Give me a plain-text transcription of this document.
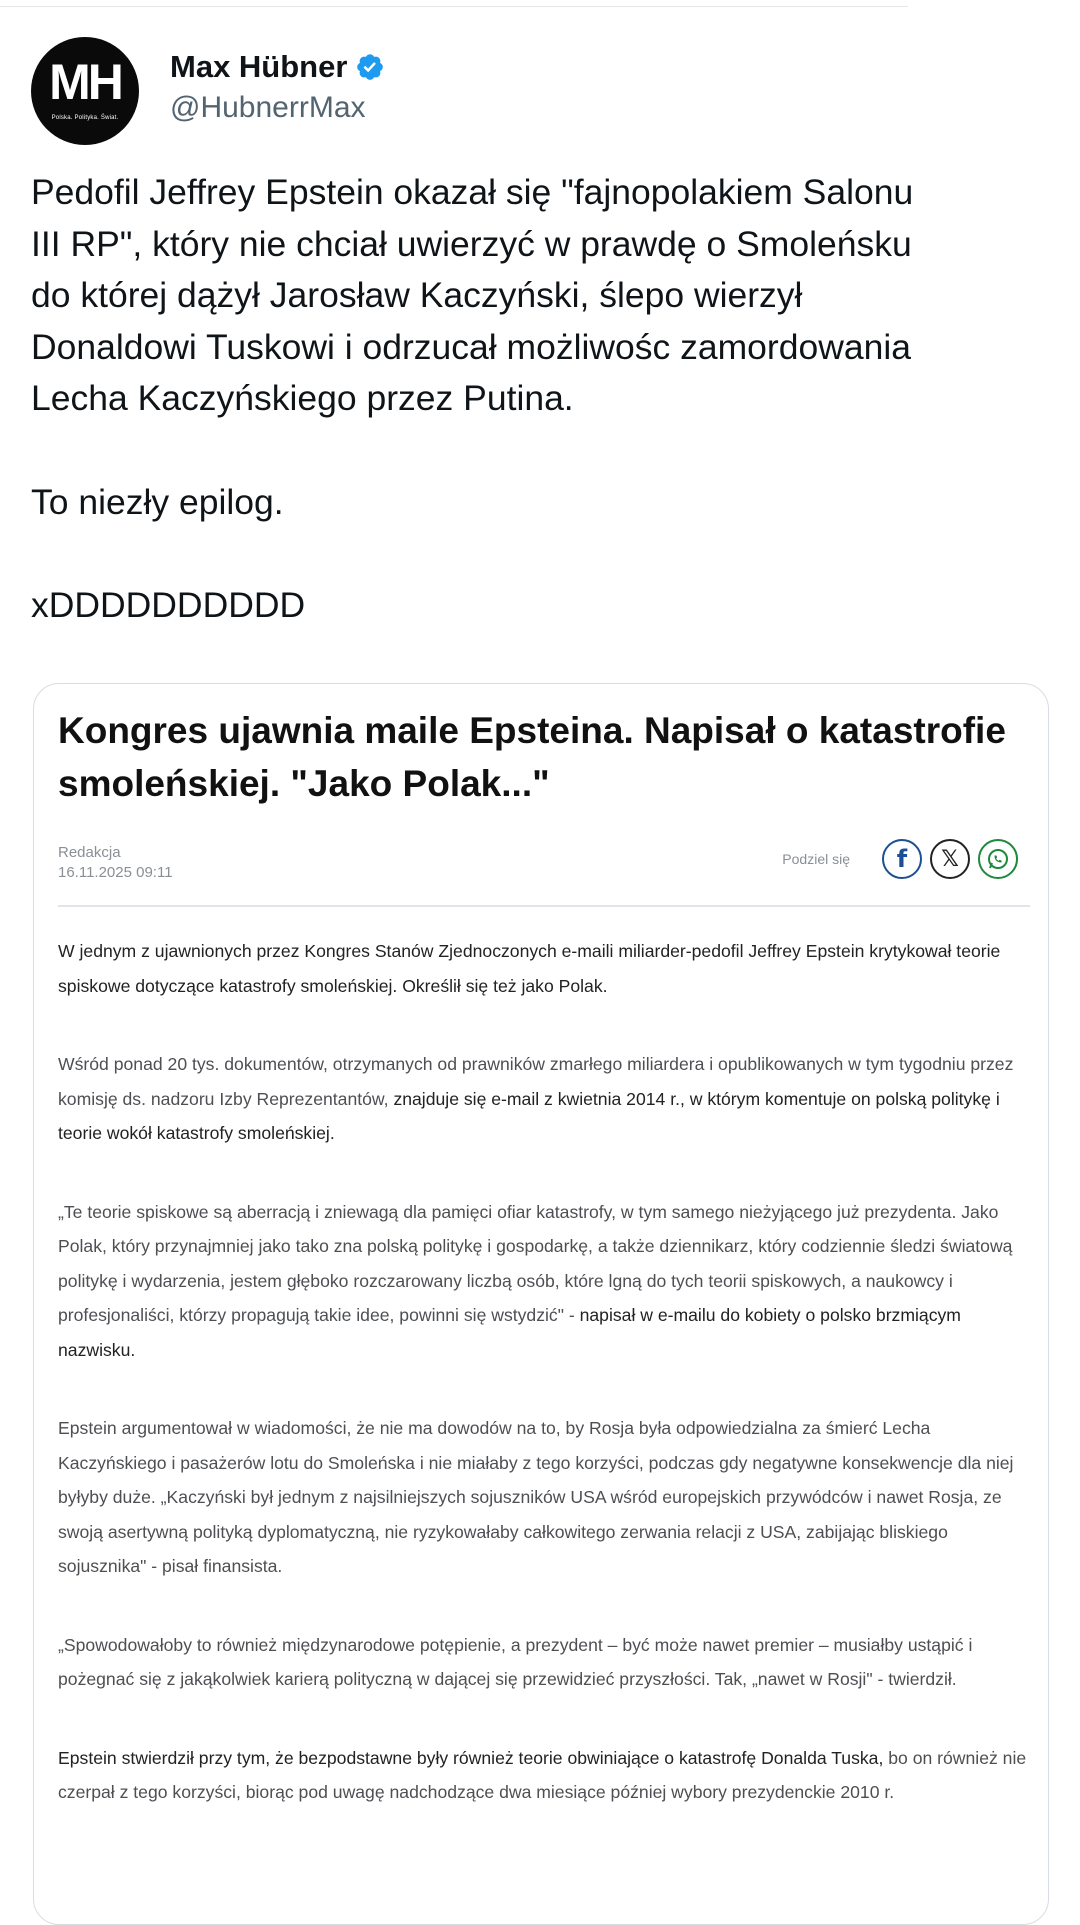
MH
Polska. Polityka. Świat.
Max Hübner
@HubnerrMax

Pedofil Jeffrey Epstein okazał się "fajnopolakiem Salonu III RP", który nie chciał uwierzyć w prawdę o Smoleńsku do której dążył Jarosław Kaczyński, ślepo wierzył Donaldowi Tuskowi i odrzucał możliwośc zamordowania Lecha Kaczyńskiego przez Putina.

To niezły epilog.

xDDDDDDDDDD

Kongres ujawnia maile Epsteina. Napisał o katastrofie smoleńskiej. "Jako Polak..."
Redakcja
16.11.2025 09:11
Podziel się	f	𝕏

W jednym z ujawnionych przez Kongres Stanów Zjednoczonych e-maili miliarder-pedofil Jeffrey Epstein krytykował teorie spiskowe dotyczące katastrofy smoleńskiej. Określił się też jako Polak.

Wśród ponad 20 tys. dokumentów, otrzymanych od prawników zmarłego miliardera i opublikowanych w tym tygodniu przez komisję ds. nadzoru Izby Reprezentantów, znajduje się e-mail z kwietnia 2014 r., w którym komentuje on polską politykę i teorie wokół katastrofy smoleńskiej.

„Te teorie spiskowe są aberracją i zniewagą dla pamięci ofiar katastrofy, w tym samego nieżyjącego już prezydenta. Jako Polak, który przynajmniej jako tako zna polską politykę i gospodarkę, a także dziennikarz, który codziennie śledzi światową politykę i wydarzenia, jestem głęboko rozczarowany liczbą osób, które lgną do tych teorii spiskowych, a naukowcy i profesjonaliści, którzy propagują takie idee, powinni się wstydzić" - napisał w e-mailu do kobiety o polsko brzmiącym nazwisku.

Epstein argumentował w wiadomości, że nie ma dowodów na to, by Rosja była odpowiedzialna za śmierć Lecha Kaczyńskiego i pasażerów lotu do Smoleńska i nie miałaby z tego korzyści, podczas gdy negatywne konsekwencje dla niej byłyby duże. „Kaczyński był jednym z najsilniejszych sojuszników USA wśród europejskich przywódców i nawet Rosja, ze swoją asertywną polityką dyplomatyczną, nie ryzykowałaby całkowitego zerwania relacji z USA, zabijając bliskiego sojusznika" - pisał finansista.

„Spowodowałoby to również międzynarodowe potępienie, a prezydent – być może nawet premier – musiałby ustąpić i pożegnać się z jakąkolwiek karierą polityczną w dającej się przewidzieć przyszłości. Tak, „nawet w Rosji" - twierdził.

Epstein stwierdził przy tym, że bezpodstawne były również teorie obwiniające o katastrofę Donalda Tuska, bo on również nie czerpał z tego korzyści, biorąc pod uwagę nadchodzące dwa miesiące później wybory prezydenckie 2010 r.
